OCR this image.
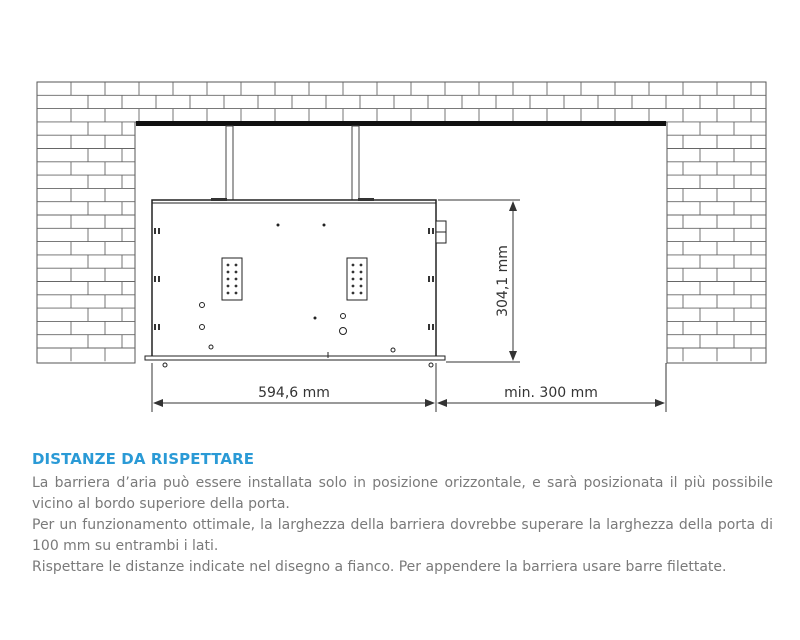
594,6 mm	min. 300 mm
304,1 mm
DISTANZE DA RISPETTARE

La barriera d’aria può essere installata solo in posizione orizzontale, e sarà posizionata il più possibile vicino al bordo superiore della porta.

Per un funzionamento ottimale, la larghezza della barriera dovrebbe superare la larghezza della porta di 100 mm su entrambi i lati.

Rispettare le distanze indicate nel disegno a fianco. Per appendere la barriera usare barre filettate.
